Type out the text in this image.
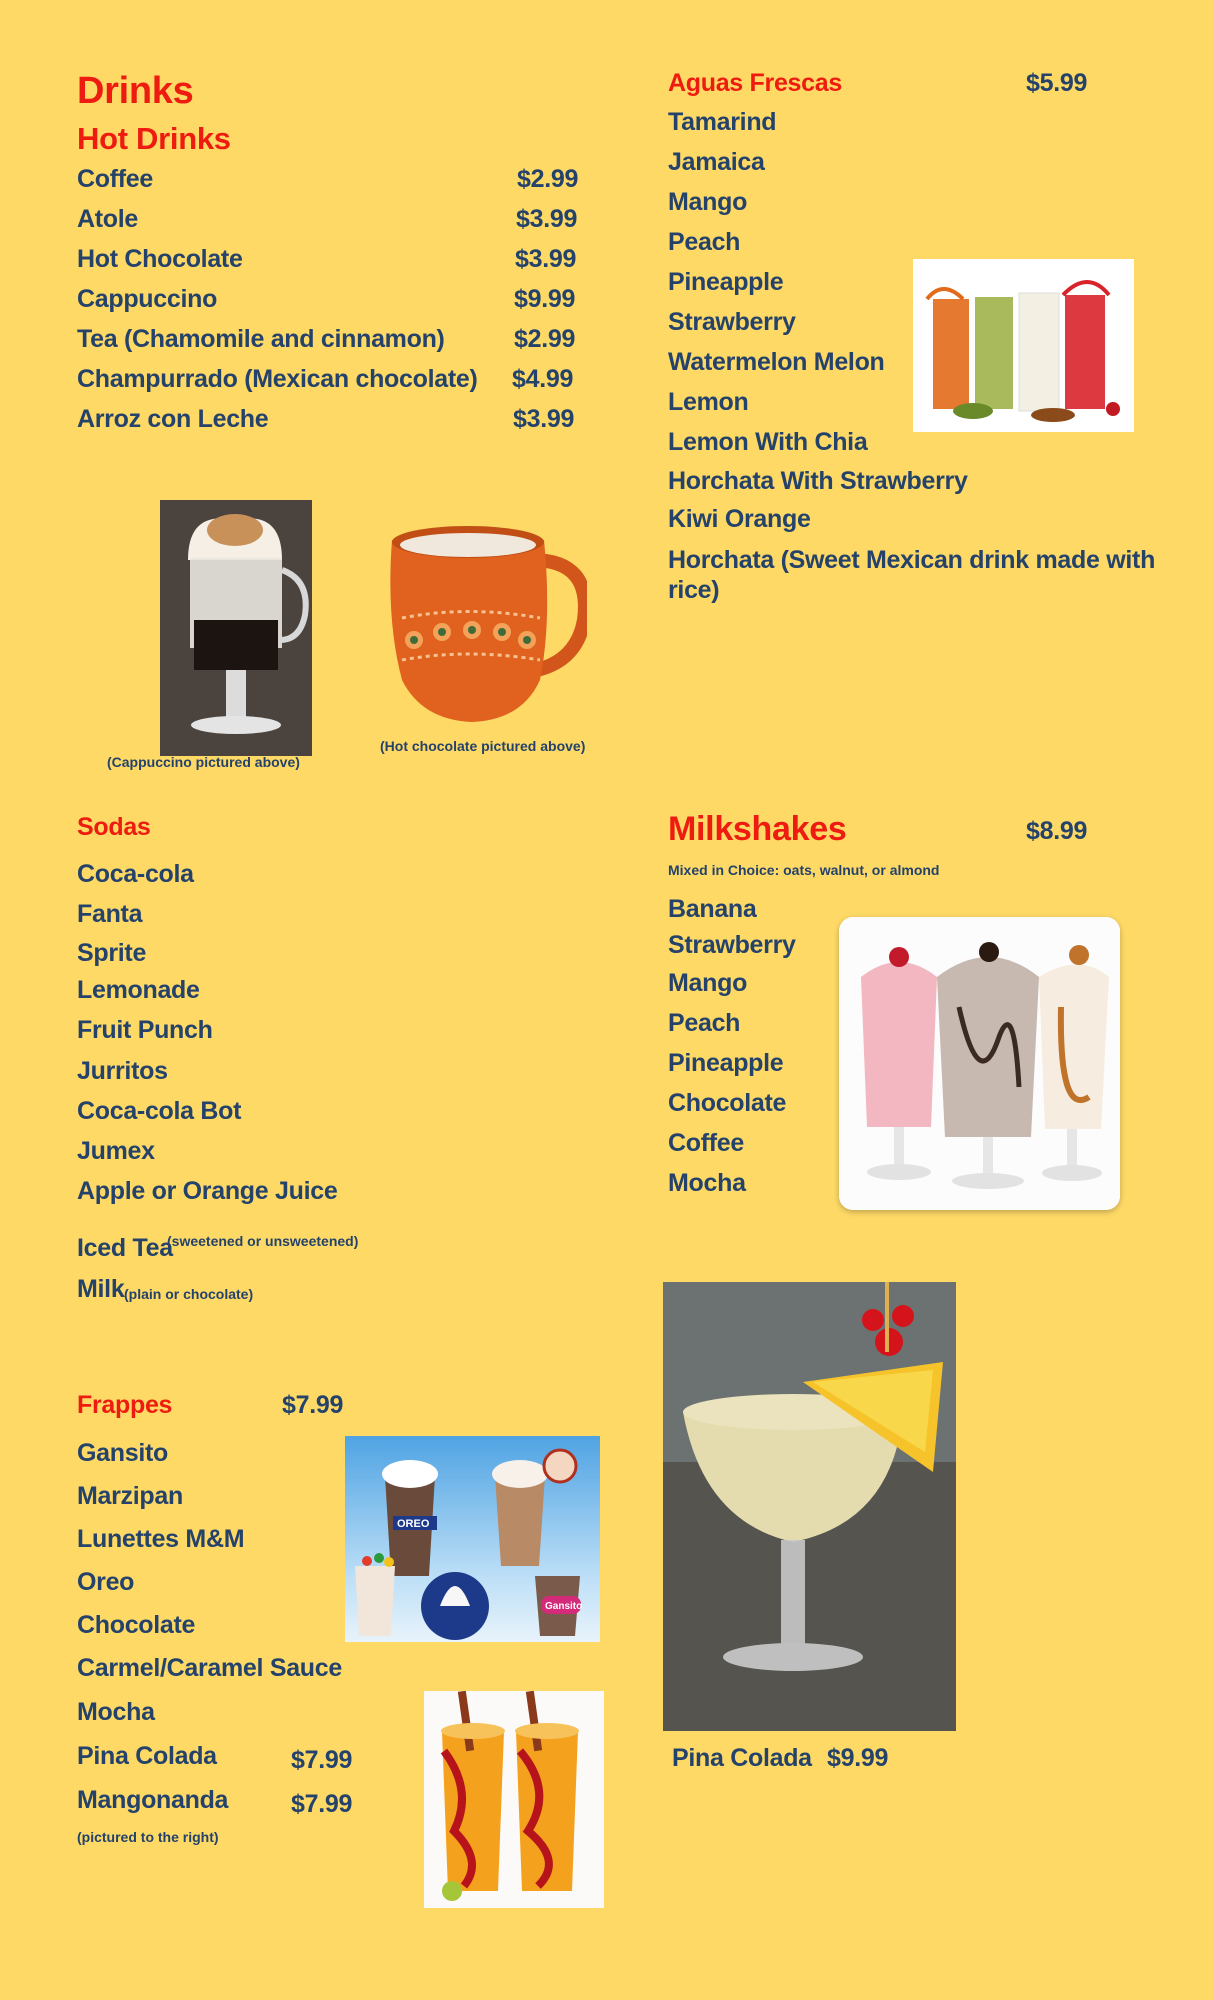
Drinks
Hot Drinks
Coffee	$2.99
Atole	$3.99
Hot Chocolate	$3.99
Cappuccino	$9.99
Tea (Chamomile and cinnamon)	$2.99
Champurrado (Mexican chocolate) $4.99
Arroz con Leche	$3.99
(Cappuccino pictured above)
(Hot chocolate pictured above)
Aguas Frescas	$5.99
Tamarind
Jamaica
Mango
Peach
Pineapple
Strawberry
Watermelon Melon
Lemon
Lemon With Chia
Horchata With Strawberry
Kiwi Orange
Horchata (Sweet Mexican drink made with
rice)
Sodas
Coca-cola
Fanta
Sprite
Lemonade
Fruit Punch
Jurritos
Coca-cola Bot
Jumex
Apple or Orange Juice
Iced Tea
(sweetened or unsweetened)
Milk (plain or chocolate)
Milkshakes	$8.99
Mixed in Choice: oats, walnut, or almond
Banana
Strawberry
Mango
Peach
Pineapple
Chocolate
Coffee
Mocha
Frappes	$7.99
Gansito
Marzipan
Lunettes M&M
Oreo
Chocolate
Carmel/Caramel Sauce
Mocha
Pina Colada	$7.99
Mangonanda	$7.99
(pictured to the right)
OREO
Gansito
Pina Colada $9.99
